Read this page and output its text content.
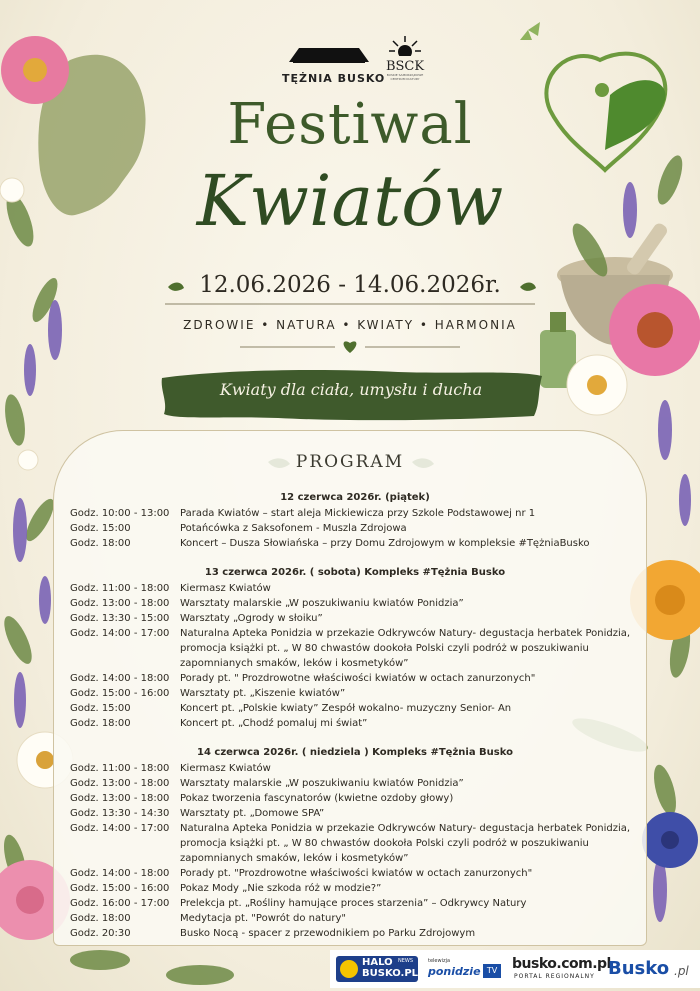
TĘŻNIA BUSKO
BSCK
BUSKIE SAMORZĄDOWE CENTRUM KULTURY
Festiwal
Kwiatów
12.06.2026 - 14.06.2026r.
ZDROWIE • NATURA • KWIATY • HARMONIA
Kwiaty dla ciała, umysłu i ducha
PROGRAM
12 czerwca 2026r. (piątek)
Godz. 10:00 - 13:00	Parada Kwiatów – start aleja Mickiewicza przy Szkole Podstawowej nr 1
Godz. 15:00	Potańcówka z Saksofonem - Muszla Zdrojowa
Godz. 18:00	Koncert – Dusza Słowiańska – przy Domu Zdrojowym w kompleksie #TężniaBusko
13 czerwca 2026r. ( sobota) Kompleks #Tężnia Busko
Godz. 11:00 - 18:00	Kiermasz Kwiatów
Godz. 13:00 - 18:00	Warsztaty malarskie „W poszukiwaniu kwiatów Ponidzia”
Godz. 13:30 - 15:00	Warsztaty „Ogrody w słoiku”
Godz. 14:00 - 17:00	Naturalna Apteka Ponidzia w przekazie Odkrywców Natury- degustacja herbatek Ponidzia, promocja książki pt. „ W 80 chwastów dookoła Polski czyli podróż w poszukiwaniu zapomnianych smaków, leków i kosmetyków”
Godz. 14:00 - 18:00	Porady pt. " Prozdrowotne właściwości kwiatów w octach zanurzonych"
Godz. 15:00 - 16:00	Warsztaty pt. „Kiszenie kwiatów”
Godz. 15:00	Koncert pt. „Polskie kwiaty” Zespół wokalno- muzyczny Senior- An
Godz. 18:00	Koncert pt. „Chodź pomaluj mi świat”
14 czerwca 2026r. ( niedziela ) Kompleks #Tężnia Busko
Godz. 11:00 - 18:00	Kiermasz Kwiatów
Godz. 13:00 - 18:00	Warsztaty malarskie „W poszukiwaniu kwiatów Ponidzia”
Godz. 13:00 - 18:00	Pokaz tworzenia fascynatorów (kwietne ozdoby głowy)
Godz. 13:30 - 14:30	Warsztaty pt. „Domowe SPA”
Godz. 14:00 - 17:00	Naturalna Apteka Ponidzia w przekazie Odkrywców Natury- degustacja herbatek Ponidzia, promocja książki pt. „ W 80 chwastów dookoła Polski czyli podróż w poszukiwaniu zapomnianych smaków, leków i kosmetyków”
Godz. 14:00 - 18:00	Porady pt. "Prozdrowotne właściwości kwiatów w octach zanurzonych"
Godz. 15:00 - 16:00	Pokaz Mody „Nie szkoda róż w modzie?”
Godz. 16:00 - 17:00	Prelekcja pt. „Rośliny hamujące proces starzenia” – Odkrywcy Natury
Godz. 18:00	Medytacja pt. "Powrót do natury"
Godz. 20:30	Busko Nocą - spacer z przewodnikiem po Parku Zdrojowym
HALO NEWS
BUSKO.PL
telewizja
ponidzie TV busko.com.pl
PORTAL REGIONALNY Busko .pl
